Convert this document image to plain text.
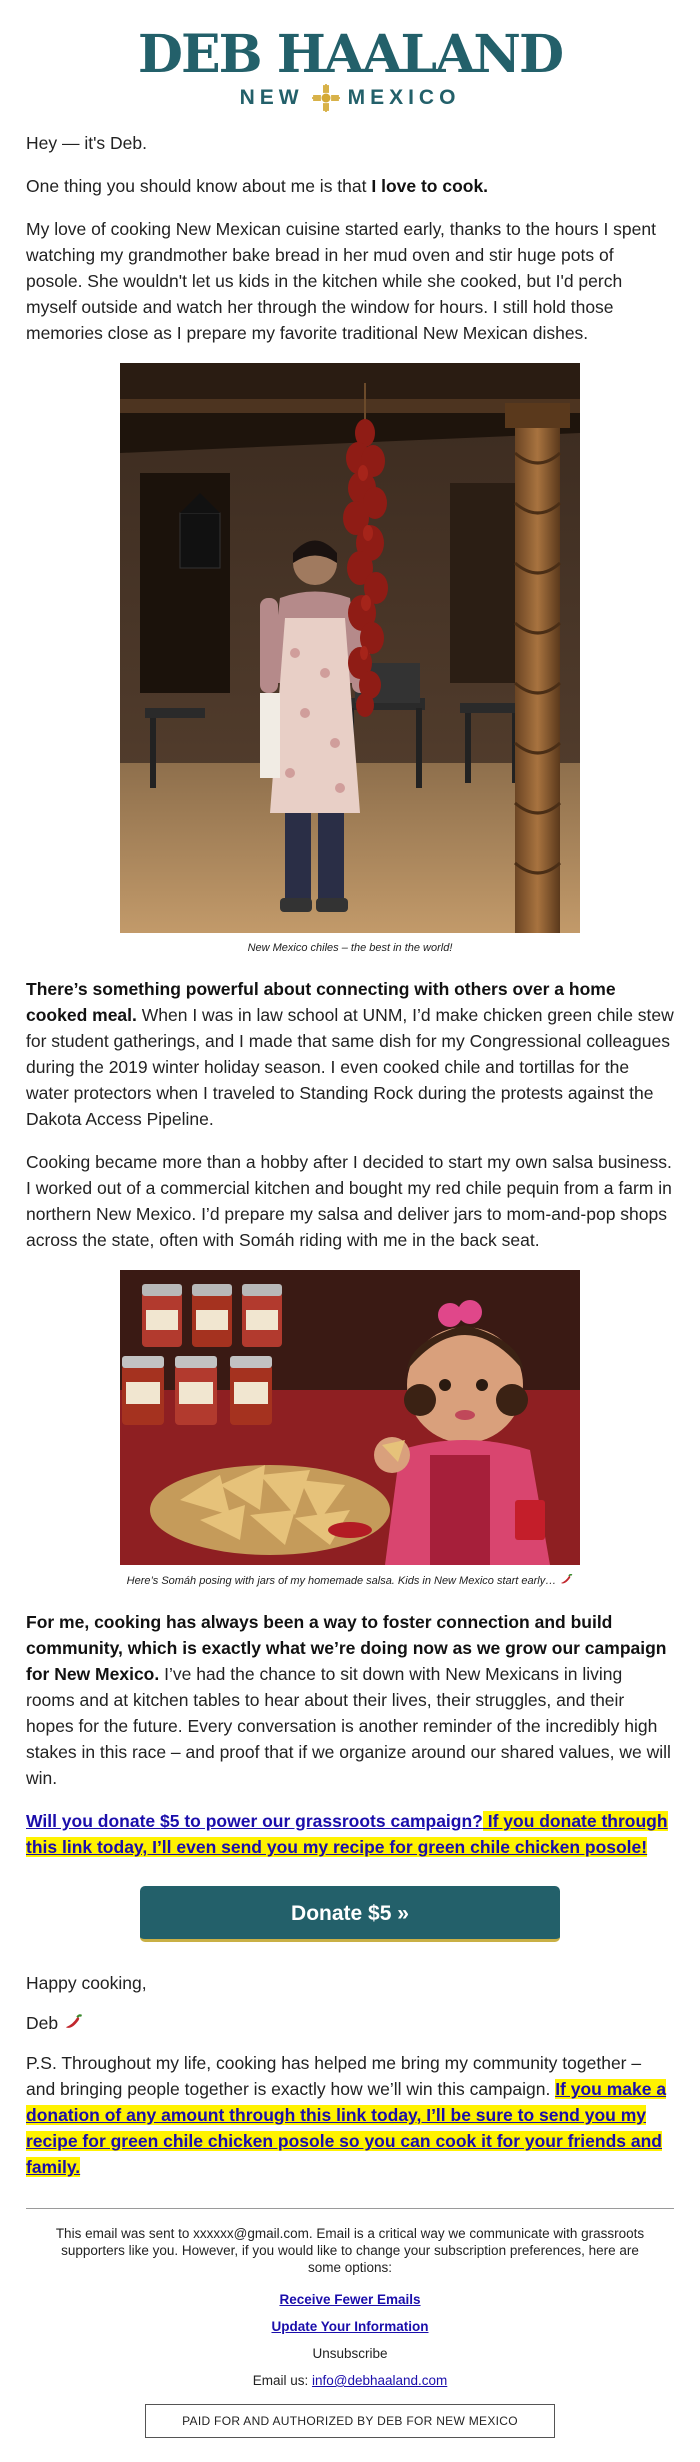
DEB HAALAND
NEW MEXICO

Hey — it's Deb.

One thing you should know about me is that I love to cook.

My love of cooking New Mexican cuisine started early, thanks to the hours I spent watching my grandmother bake bread in her mud oven and stir huge pots of posole. She wouldn't let us kids in the kitchen while she cooked, but I'd perch myself outside and watch her through the window for hours. I still hold those memories close as I prepare my favorite traditional New Mexican dishes.

New Mexico chiles – the best in the world!

There’s something powerful about connecting with others over a home cooked meal. When I was in law school at UNM, I’d make chicken green chile stew for student gatherings, and I made that same dish for my Congressional colleagues during the 2019 winter holiday season. I even cooked chile and tortillas for the water protectors when I traveled to Standing Rock during the protests against the Dakota Access Pipeline.

Cooking became more than a hobby after I decided to start my own salsa business. I worked out of a commercial kitchen and bought my red chile pequin from a farm in northern New Mexico. I’d prepare my salsa and deliver jars to mom-and-pop shops across the state, often with Somáh riding with me in the back seat.

Here’s Somáh posing with jars of my homemade salsa. Kids in New Mexico start early…

For me, cooking has always been a way to foster connection and build community, which is exactly what we’re doing now as we grow our campaign for New Mexico. I’ve had the chance to sit down with New Mexicans in living rooms and at kitchen tables to hear about their lives, their struggles, and their hopes for the future. Every conversation is another reminder of the incredibly high stakes in this race – and proof that if we organize around our shared values, we will win.

Will you donate $5 to power our grassroots campaign? If you donate through this link today, I’ll even send you my recipe for green chile chicken posole!

Donate $5 »

Happy cooking,

Deb

P.S. Throughout my life, cooking has helped me bring my community together – and bringing people together is exactly how we’ll win this campaign. If you make a donation of any amount through this link today, I’ll be sure to send you my recipe for green chile chicken posole so you can cook it for your friends and family.

This email was sent to xxxxxx@gmail.com. Email is a critical way we communicate with grassroots supporters like you. However, if you would like to change your subscription preferences, here are some options:

Receive Fewer Emails
Update Your Information
Unsubscribe

Email us: info@debhaaland.com

PAID FOR AND AUTHORIZED BY DEB FOR NEW MEXICO
